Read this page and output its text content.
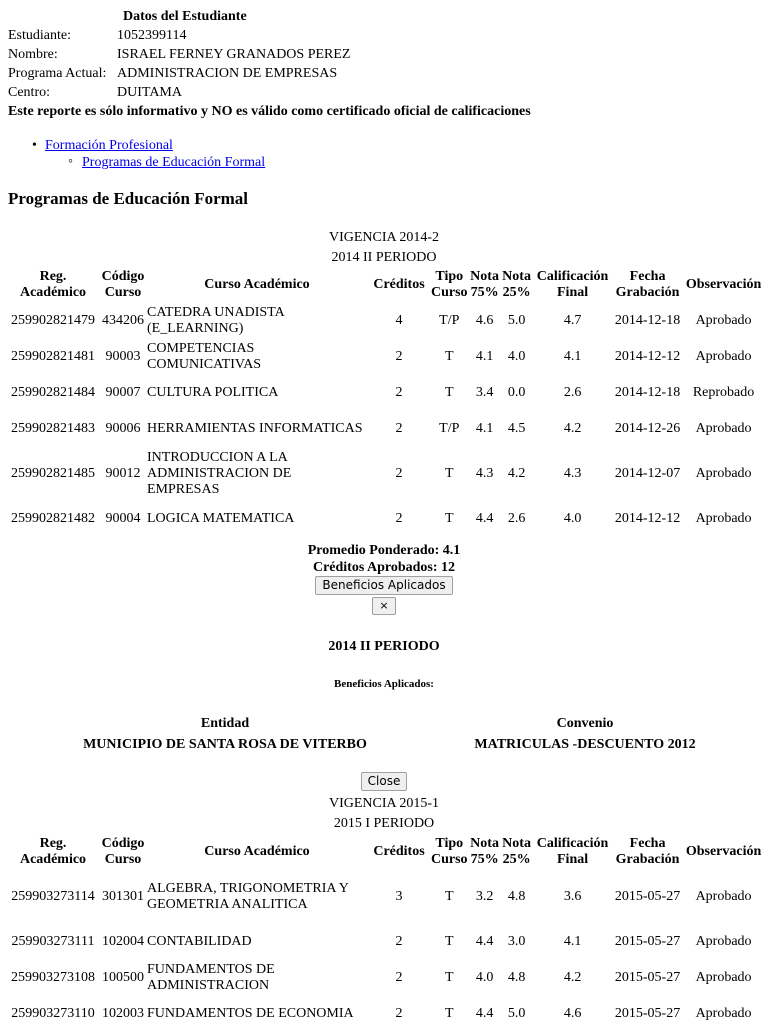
Datos del Estudiante
Estudiante:	1052399114
Nombre:	ISRAEL FERNEY GRANADOS PEREZ
Programa Actual:	ADMINISTRACION DE EMPRESAS
Centro:	DUITAMA
Este reporte es sólo informativo y NO es válido como certificado oficial de calificaciones
• Formación Profesional
◦ Programas de Educación Formal
Programas de Educación Formal
VIGENCIA 2014-2
2014 II PERIODO
Reg. Académico	Código Curso	Curso Académico	Créditos	Tipo Curso	Nota 75%	Nota 25%	Calificación Final	Fecha Grabación	Observación
259902821479	434206	CATEDRA UNADISTA (E_LEARNING)	4	T/P	4.6	5.0	4.7	2014-12-18	Aprobado
259902821481	90003	COMPETENCIAS COMUNICATIVAS	2	T	4.1	4.0	4.1	2014-12-12	Aprobado
259902821484	90007	CULTURA POLITICA	2	T	3.4	0.0	2.6	2014-12-18	Reprobado
259902821483	90006	HERRAMIENTAS INFORMATICAS	2	T/P	4.1	4.5	4.2	2014-12-26	Aprobado
259902821485	90012	INTRODUCCION A LA ADMINISTRACION DE EMPRESAS	2	T	4.3	4.2	4.3	2014-12-07	Aprobado
259902821482	90004	LOGICA MATEMATICA	2	T	4.4	2.6	4.0	2014-12-12	Aprobado
Promedio Ponderado: 4.1
Créditos Aprobados: 12
Beneficios Aplicados
×
2014 II PERIODO
Beneficios Aplicados:
Entidad	Convenio
MUNICIPIO DE SANTA ROSA DE VITERBO	MATRICULAS -DESCUENTO 2012
Close
VIGENCIA 2015-1
2015 I PERIODO
Reg. Académico	Código Curso	Curso Académico	Créditos	Tipo Curso	Nota 75%	Nota 25%	Calificación Final	Fecha Grabación	Observación
259903273114	301301	ALGEBRA, TRIGONOMETRIA Y GEOMETRIA ANALITICA	3	T	3.2	4.8	3.6	2015-05-27	Aprobado
259903273111	102004	CONTABILIDAD	2	T	4.4	3.0	4.1	2015-05-27	Aprobado
259903273108	100500	FUNDAMENTOS DE ADMINISTRACION	2	T	4.0	4.8	4.2	2015-05-27	Aprobado
259903273110	102003	FUNDAMENTOS DE ECONOMIA	2	T	4.4	5.0	4.6	2015-05-27	Aprobado
